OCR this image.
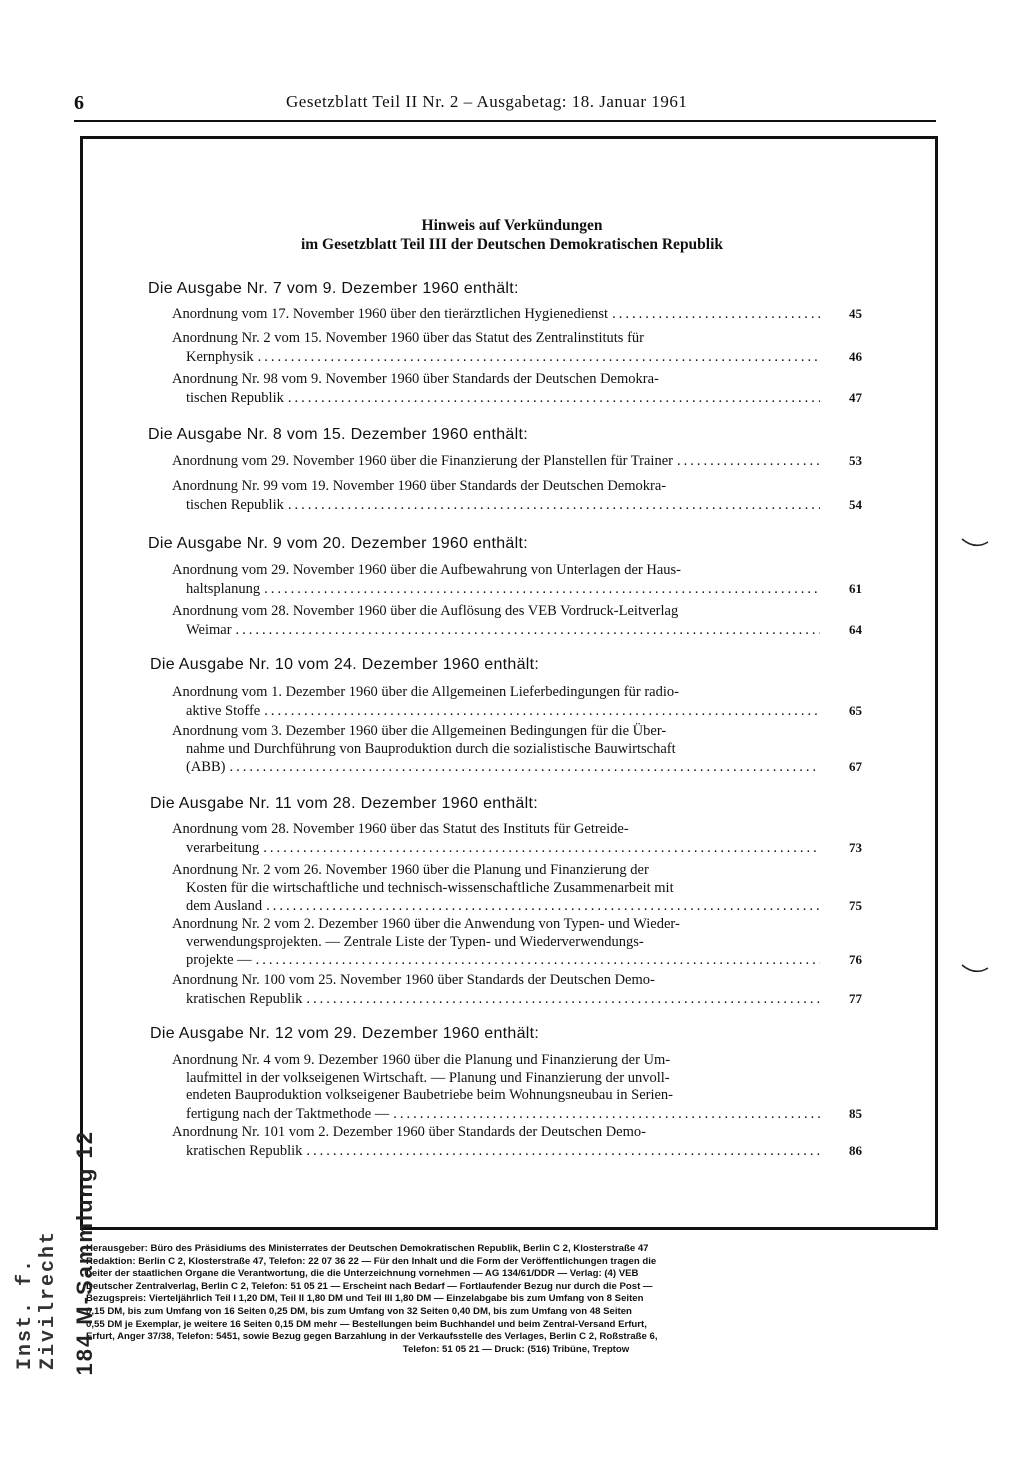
6	Gesetzblatt Teil II Nr. 2 – Ausgabetag: 18. Januar 1961
Hinweis auf Verkündungen
im Gesetzblatt Teil III der Deutschen Demokratischen Republik
Die Ausgabe Nr. 7 vom 9. Dezember 1960 enthält:
Anordnung vom 17. November 1960 über den tierärztlichen Hygienedienst .....	45
Anordnung Nr. 2 vom 15. November 1960 über das Statut des Zentralinstituts für
Kernphysik .....	46
Anordnung Nr. 98 vom 9. November 1960 über Standards der Deutschen Demokra-
tischen Republik .....	47
Die Ausgabe Nr. 8 vom 15. Dezember 1960 enthält:
Anordnung vom 29. November 1960 über die Finanzierung der Planstellen für Trainer .....	53
Anordnung Nr. 99 vom 19. November 1960 über Standards der Deutschen Demokra-
tischen Republik .....	54
Die Ausgabe Nr. 9 vom 20. Dezember 1960 enthält:
Anordnung vom 29. November 1960 über die Aufbewahrung von Unterlagen der Haus-
haltsplanung .....	61
Anordnung vom 28. November 1960 über die Auflösung des VEB Vordruck-Leitverlag
Weimar .....	64
Die Ausgabe Nr. 10 vom 24. Dezember 1960 enthält:
Anordnung vom 1. Dezember 1960 über die Allgemeinen Lieferbedingungen für radio-
aktive Stoffe .....	65
Anordnung vom 3. Dezember 1960 über die Allgemeinen Bedingungen für die Über-
nahme und Durchführung von Bauproduktion durch die sozialistische Bauwirtschaft
(ABB) .....	67
Die Ausgabe Nr. 11 vom 28. Dezember 1960 enthält:
Anordnung vom 28. November 1960 über das Statut des Instituts für Getreide-
verarbeitung .....	73
Anordnung Nr. 2 vom 26. November 1960 über die Planung und Finanzierung der
Kosten für die wirtschaftliche und technisch-wissenschaftliche Zusammenarbeit mit
dem Ausland .....	75
Anordnung Nr. 2 vom 2. Dezember 1960 über die Anwendung von Typen- und Wieder-
verwendungsprojekten. — Zentrale Liste der Typen- und Wiederverwendungs-
projekte — .....	76
Anordnung Nr. 100 vom 25. November 1960 über Standards der Deutschen Demo-
kratischen Republik .....	77
Die Ausgabe Nr. 12 vom 29. Dezember 1960 enthält:
Anordnung Nr. 4 vom 9. Dezember 1960 über die Planung und Finanzierung der Um-
laufmittel in der volkseigenen Wirtschaft. — Planung und Finanzierung der unvoll-
endeten Bauproduktion volkseigener Baubetriebe beim Wohnungsneubau in Serien-
fertigung nach der Taktmethode — .....	85
Anordnung Nr. 101 vom 2. Dezember 1960 über Standards der Deutschen Demo-
kratischen Republik .....	86

Herausgeber: Büro des Präsidiums des Ministerrates der Deutschen Demokratischen Republik, Berlin C 2, Klosterstraße 47

Redaktion: Berlin C 2, Klosterstraße 47, Telefon: 22 07 36 22 — Für den Inhalt und die Form der Veröffentlichungen tragen die

Leiter der staatlichen Organe die Verantwortung, die die Unterzeichnung vornehmen — AG 134/61/DDR — Verlag: (4) VEB

Deutscher Zentralverlag, Berlin C 2, Telefon: 51 05 21 — Erscheint nach Bedarf — Fortlaufender Bezug nur durch die Post —

Bezugspreis: Vierteljährlich Teil I 1,20 DM, Teil II 1,80 DM und Teil III 1,80 DM — Einzelabgabe bis zum Umfang von 8 Seiten

0,15 DM, bis zum Umfang von 16 Seiten 0,25 DM, bis zum Umfang von 32 Seiten 0,40 DM, bis zum Umfang von 48 Seiten

0,55 DM je Exemplar, je weitere 16 Seiten 0,15 DM mehr — Bestellungen beim Buchhandel und beim Zentral-Versand Erfurt,

Erfurt, Anger 37/38, Telefon: 5451, sowie Bezug gegen Barzahlung in der Verkaufsstelle des Verlages, Berlin C 2, Roßstraße 6,

Telefon: 51 05 21 — Druck: (516) Tribüne, Treptow

Inst. f. Zivilrecht 184 M-Sammlung 12
